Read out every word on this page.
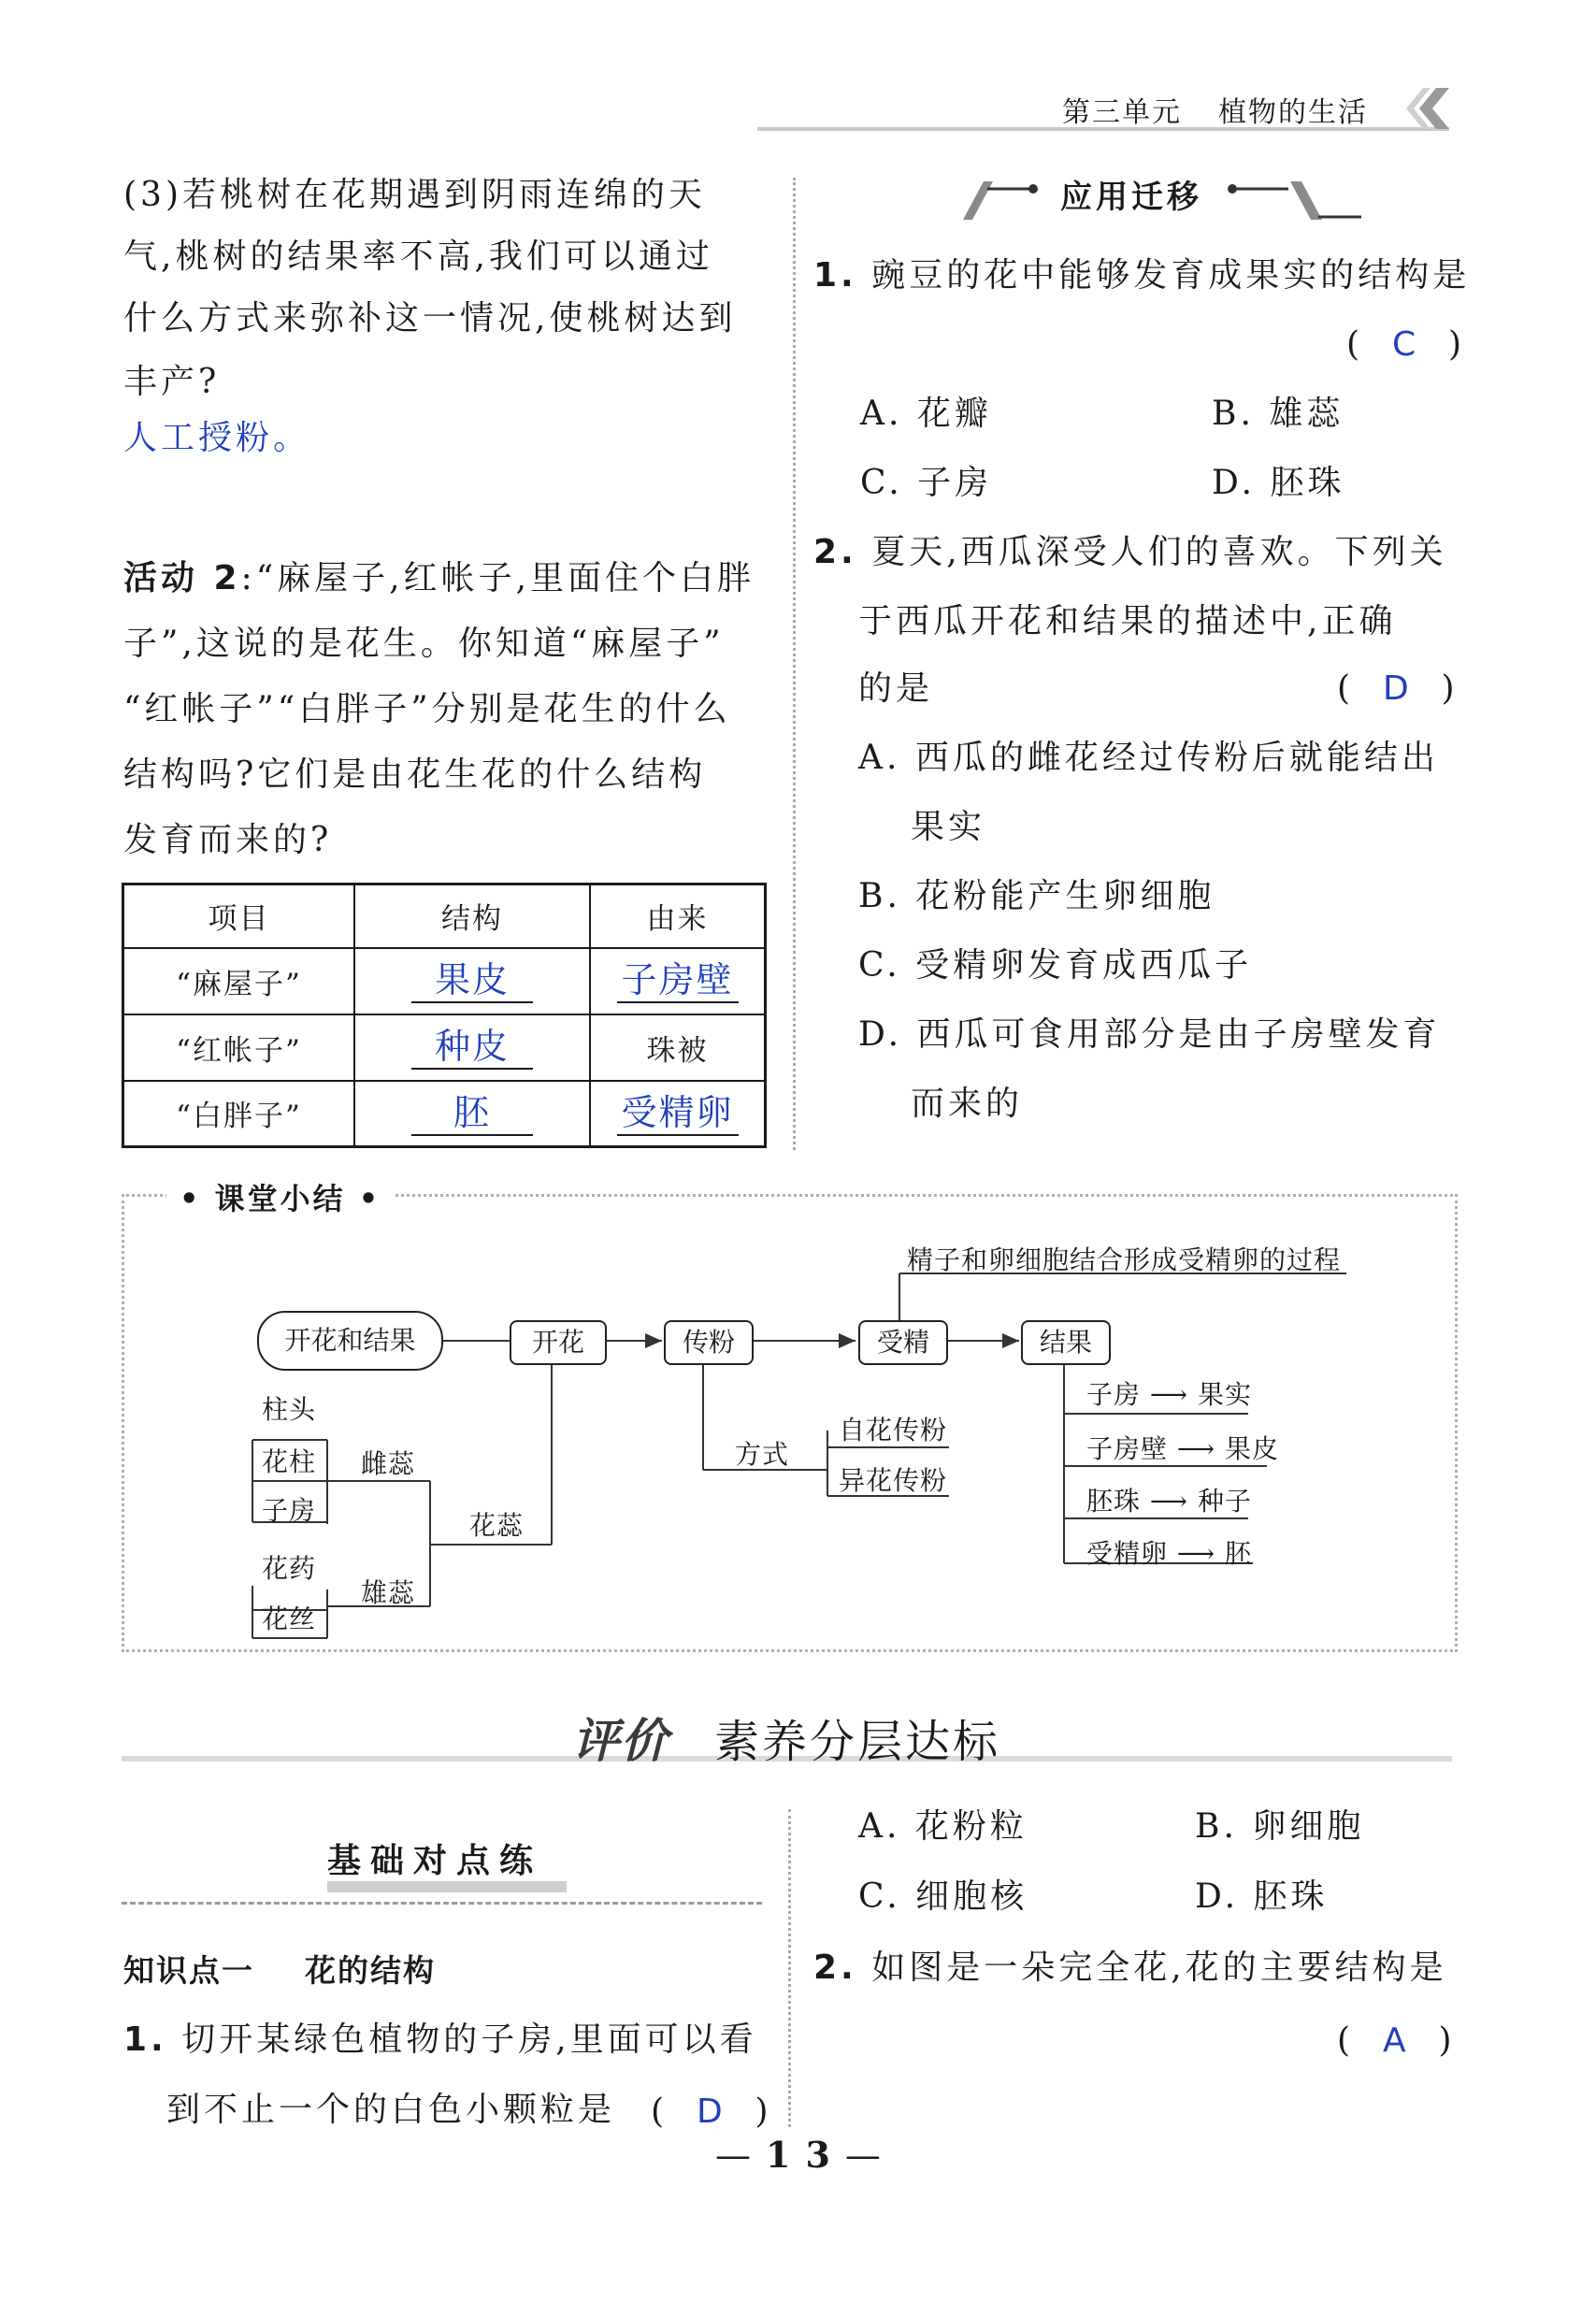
第三单元 植物的生活
(3)若桃树在花期遇到阴雨连绵的天
气,桃树的结果率不高,我们可以通过
什么方式来弥补这一情况,使桃树达到
丰产?
人工授粉。
活动 2:“麻屋子,红帐子,里面住个白胖
子”,这说的是花生。你知道“麻屋子”
“红帐子”“白胖子”分别是花生的什么
结构吗?它们是由花生花的什么结构
发育而来的?
项目	结构	由来
“麻屋子”	果皮	子房壁
“红帐子”	种皮	珠被
“白胖子”	胚	受精卵
应用迁移
1. 豌豆的花中能够发育成果实的结构是
(  C  )
A. 花瓣	B. 雄蕊
C. 子房	D. 胚珠
2. 夏天,西瓜深受人们的喜欢。下列关
于西瓜开花和结果的描述中,正确
的是	(  D  )
A. 西瓜的雌花经过传粉后就能结出
果实
B. 花粉能产生卵细胞
C. 受精卵发育成西瓜子
D. 西瓜可食用部分是由子房壁发育
而来的
• 课堂小结 •
开花和结果	开花	传粉	受精	结果
精子和卵细胞结合形成受精卵的过程
方式
自花传粉
异花传粉
子房 ⟶ 果实
子房壁 ⟶ 果皮
胚珠 ⟶ 种子
受精卵 ⟶ 胚
柱头
花柱
子房
雌蕊
花药
花丝
雄蕊
花蕊
评价 素养分层达标
基础对点练
知识点一    花的结构
1. 切开某绿色植物的子房,里面可以看
到不止一个的白色小颗粒是 (  D  )
A. 花粉粒	B. 卵细胞
C. 细胞核	D. 胚珠
2. 如图是一朵完全花,花的主要结构是
(  A  )
—13—
